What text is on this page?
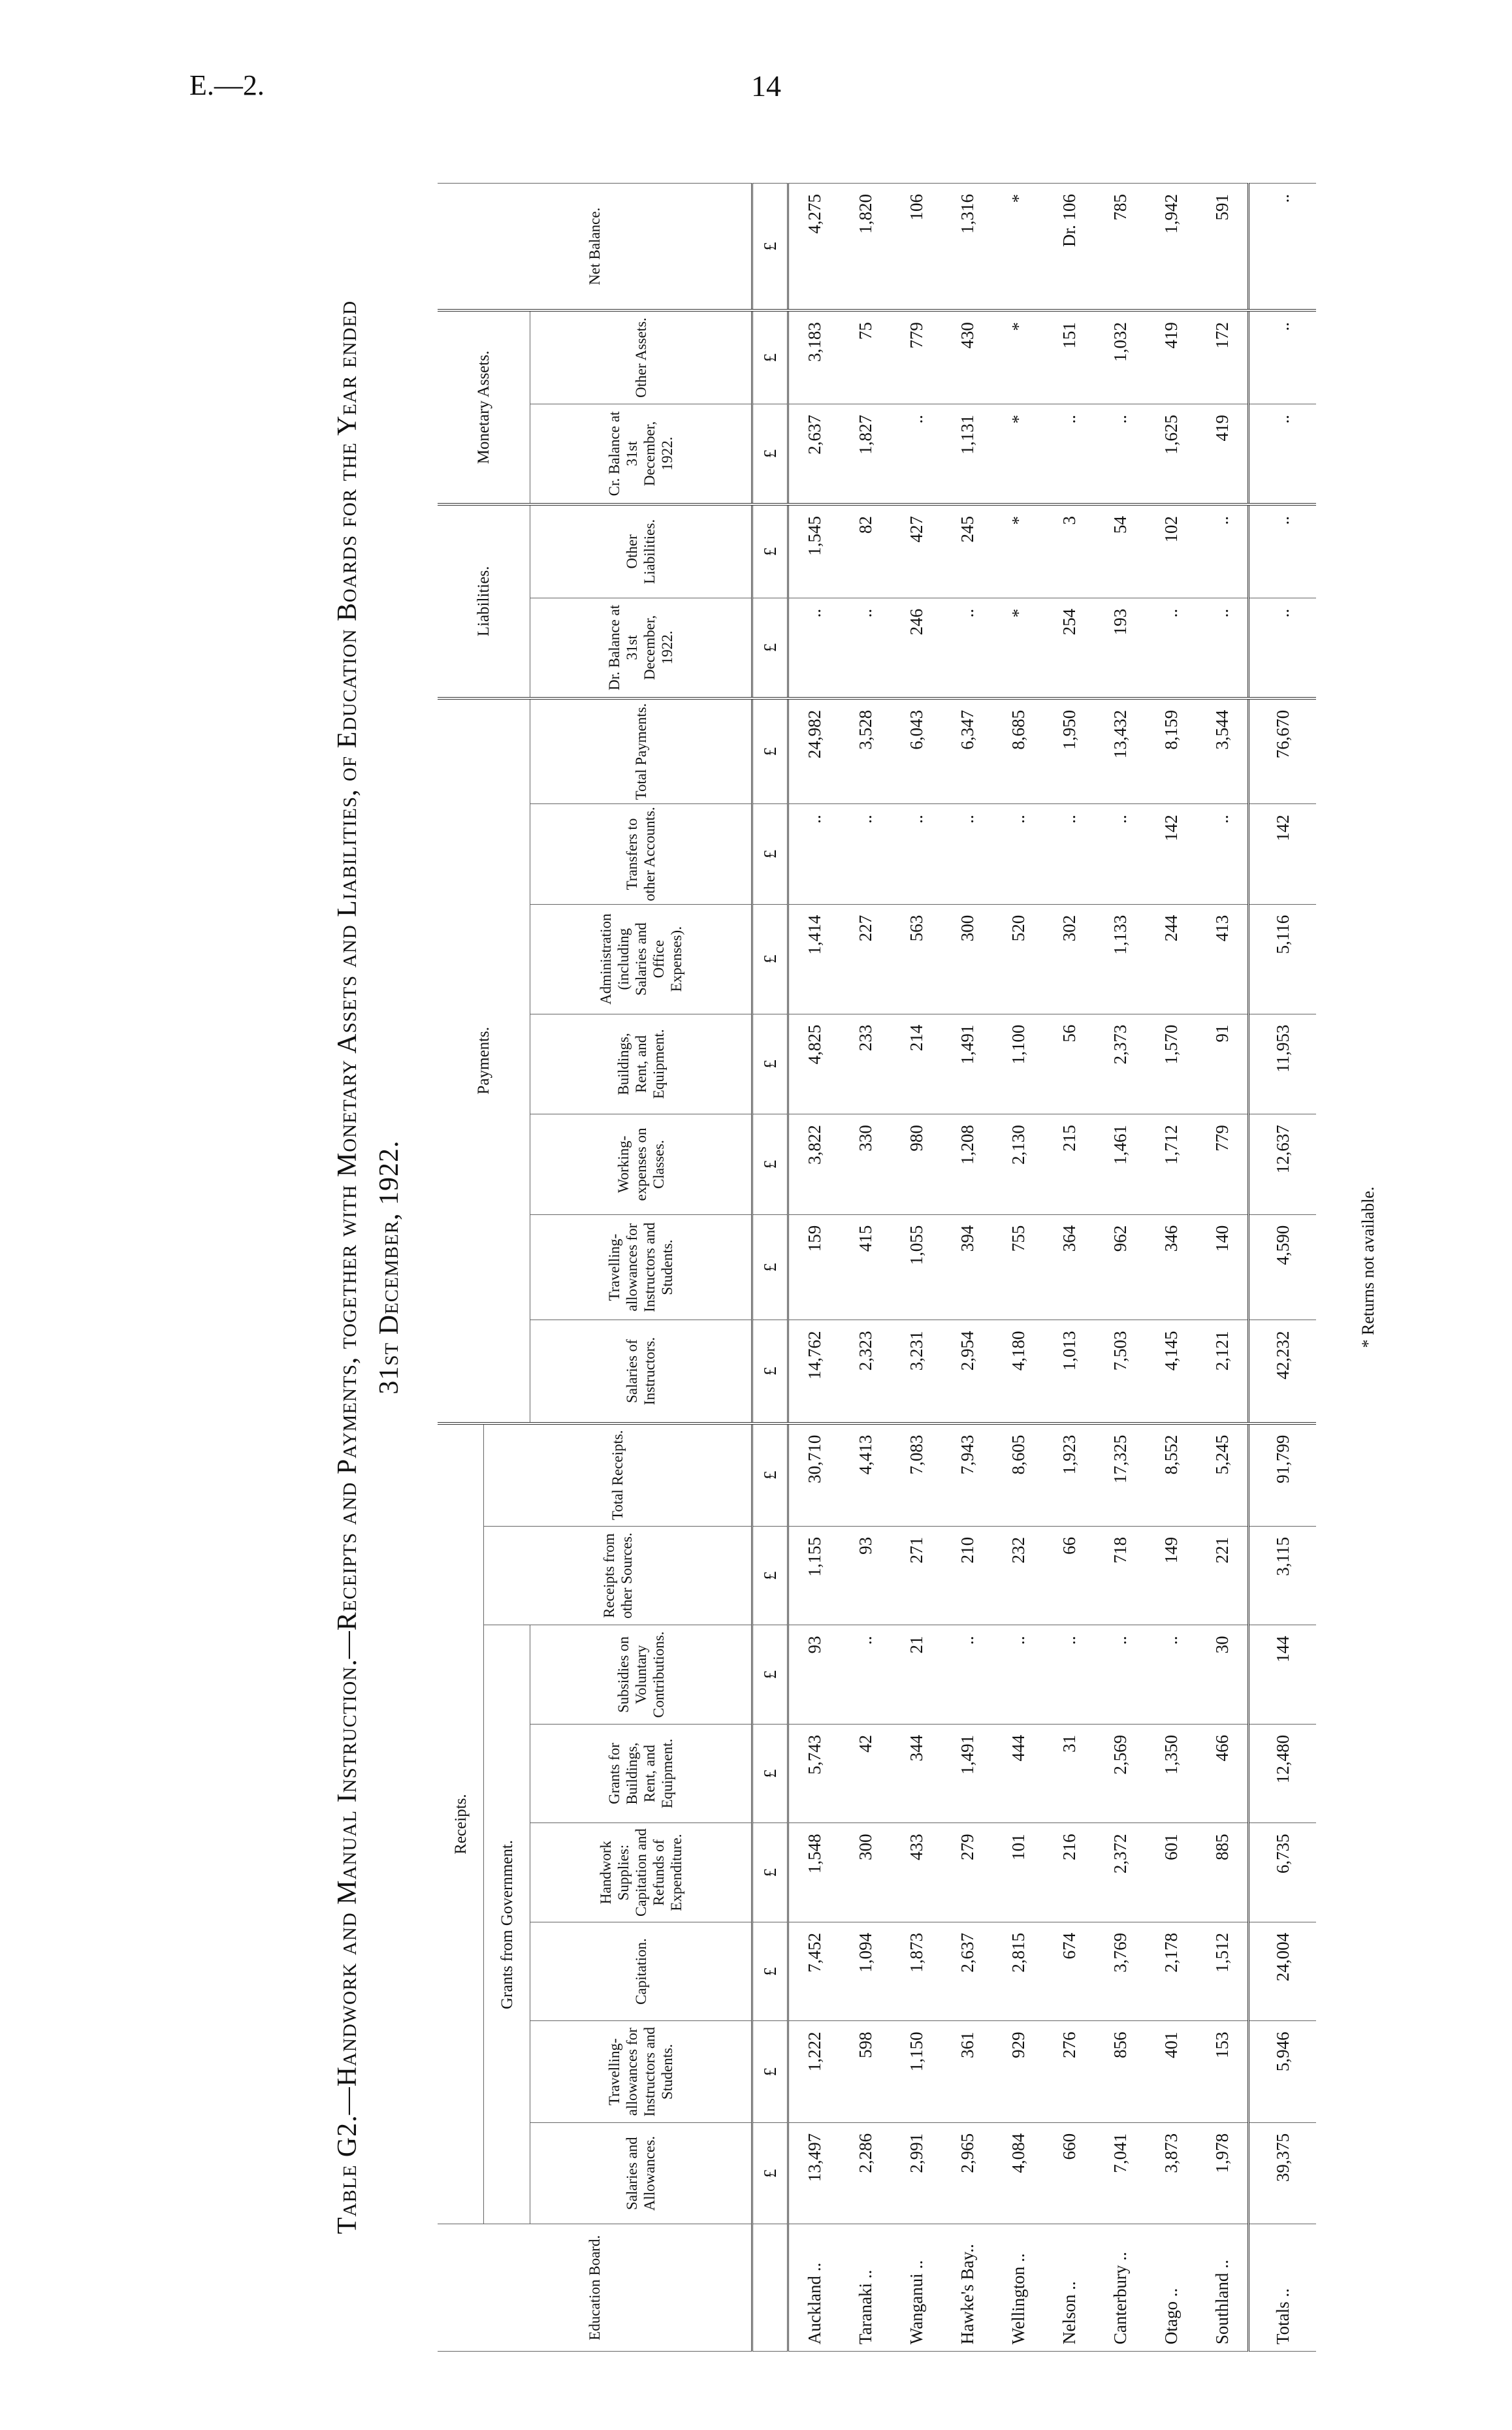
E.—2.	14
Table G2.—Handwork and Manual Instruction.—Receipts and Payments, together with Monetary Assets and Liabilities, of Education Boards for the Year ended 31st December, 1922.
Education Board.	Receipts.								Payments.							Liabilities.		Monetary Assets.		Net Balance.
	Grants from Government.						Receipts from other Sources.	Total Receipts.												
	Salaries and Allowances.	Travelling-allowances for Instructors and Students.	Capitation.	Handwork Supplies: Capitation and Refunds of Expenditure.	Grants for Buildings, Rent, and Equipment.	Subsidies on Voluntary Contributions.			Salaries of Instructors.	Travelling-allowances for Instructors and Students.	Working-expenses on Classes.	Buildings, Rent, and Equipment.	Administration (including Salaries and Office Expenses).	Transfers to other Accounts.	Total Payments.	Dr. Balance at 31st December, 1922.	Other Liabilities.	Cr. Balance at 31st December, 1922.	Other Assets.	
	£	£	£	£	£	£	£	£	£	£	£	£	£	£	£	£	£	£	£	£
Auckland ..	13,497	1,222	7,452	1,548	5,743	93	1,155	30,710	14,762	159	3,822	4,825	1,414	..	24,982	..	1,545	2,637	3,183	4,275
Taranaki ..	2,286	598	1,094	300	42	..	93	4,413	2,323	415	330	233	227	..	3,528	..	82	1,827	75	1,820
Wanganui ..	2,991	1,150	1,873	433	344	21	271	7,083	3,231	1,055	980	214	563	..	6,043	246	427	..	779	106
Hawke's Bay..	2,965	361	2,637	279	1,491	..	210	7,943	2,954	394	1,208	1,491	300	..	6,347	..	245	1,131	430	1,316
Wellington ..	4,084	929	2,815	101	444	..	232	8,605	4,180	755	2,130	1,100	520	..	8,685	*	*	*	*	*
Nelson ..	660	276	674	216	31	..	66	1,923	1,013	364	215	56	302	..	1,950	254	3	..	151	Dr. 106
Canterbury ..	7,041	856	3,769	2,372	2,569	..	718	17,325	7,503	962	1,461	2,373	1,133	..	13,432	193	54	..	1,032	785
Otago ..	3,873	401	2,178	601	1,350	..	149	8,552	4,145	346	1,712	1,570	244	142	8,159	..	102	1,625	419	1,942
Southland ..	1,978	153	1,512	885	466	30	221	5,245	2,121	140	779	91	413	..	3,544	..	..	419	172	591
Totals ..	39,375	5,946	24,004	6,735	12,480	144	3,115	91,799	42,232	4,590	12,637	11,953	5,116	142	76,670	..	..	..	..	..
* Returns not available.
